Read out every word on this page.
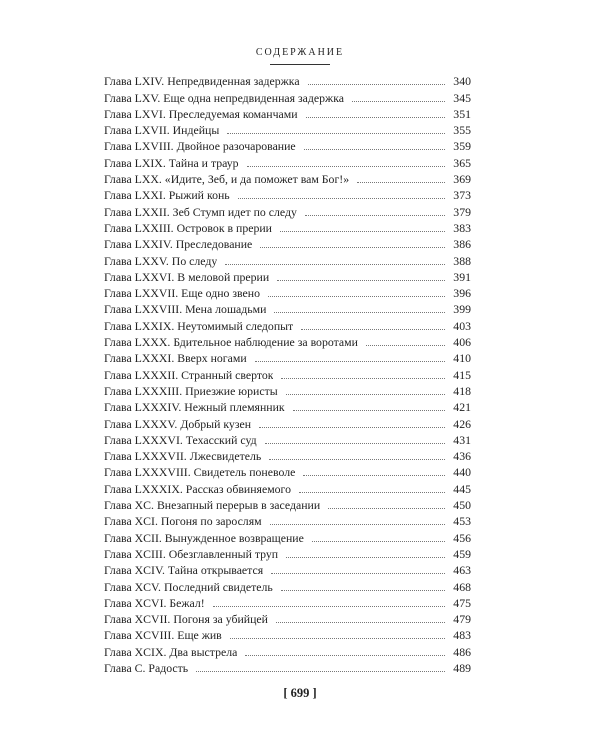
СОДЕРЖАНИЕ
Глава LXIV. Непредвиденная задержка	340
Глава LXV. Еще одна непредвиденная задержка	345
Глава LXVI. Преследуемая команчами	351
Глава LXVII. Индейцы	355
Глава LXVIII. Двойное разочарование	359
Глава LXIX. Тайна и траур	365
Глава LXX. «Идите, Зеб, и да поможет вам Бог!»	369
Глава LXXI. Рыжий конь	373
Глава LXXII. Зеб Стумп идет по следу	379
Глава LXXIII. Островок в прерии	383
Глава LXXIV. Преследование	386
Глава LXXV. По следу	388
Глава LXXVI. В меловой прерии	391
Глава LXXVII. Еще одно звено	396
Глава LXXVIII. Мена лошадьми	399
Глава LXXIX. Неутомимый следопыт	403
Глава LXXX. Бдительное наблюдение за воротами	406
Глава LXXXI. Вверх ногами	410
Глава LXXXII. Странный сверток	415
Глава LXXXIII. Приезжие юристы	418
Глава LXXXIV. Нежный племянник	421
Глава LXXXV. Добрый кузен	426
Глава LXXXVI. Техасский суд	431
Глава LXXXVII. Лжесвидетель	436
Глава LXXXVIII. Свидетель поневоле	440
Глава LXXXIX. Рассказ обвиняемого	445
Глава XC. Внезапный перерыв в заседании	450
Глава XCI. Погоня по зарослям	453
Глава XCII. Вынужденное возвращение	456
Глава XCIII. Обезглавленный труп	459
Глава XCIV. Тайна открывается	463
Глава XCV. Последний свидетель	468
Глава XCVI. Бежал!	475
Глава XCVII. Погоня за убийцей	479
Глава XCVIII. Еще жив	483
Глава XCIX. Два выстрела	486
Глава С. Радость	489
[ 699 ]
